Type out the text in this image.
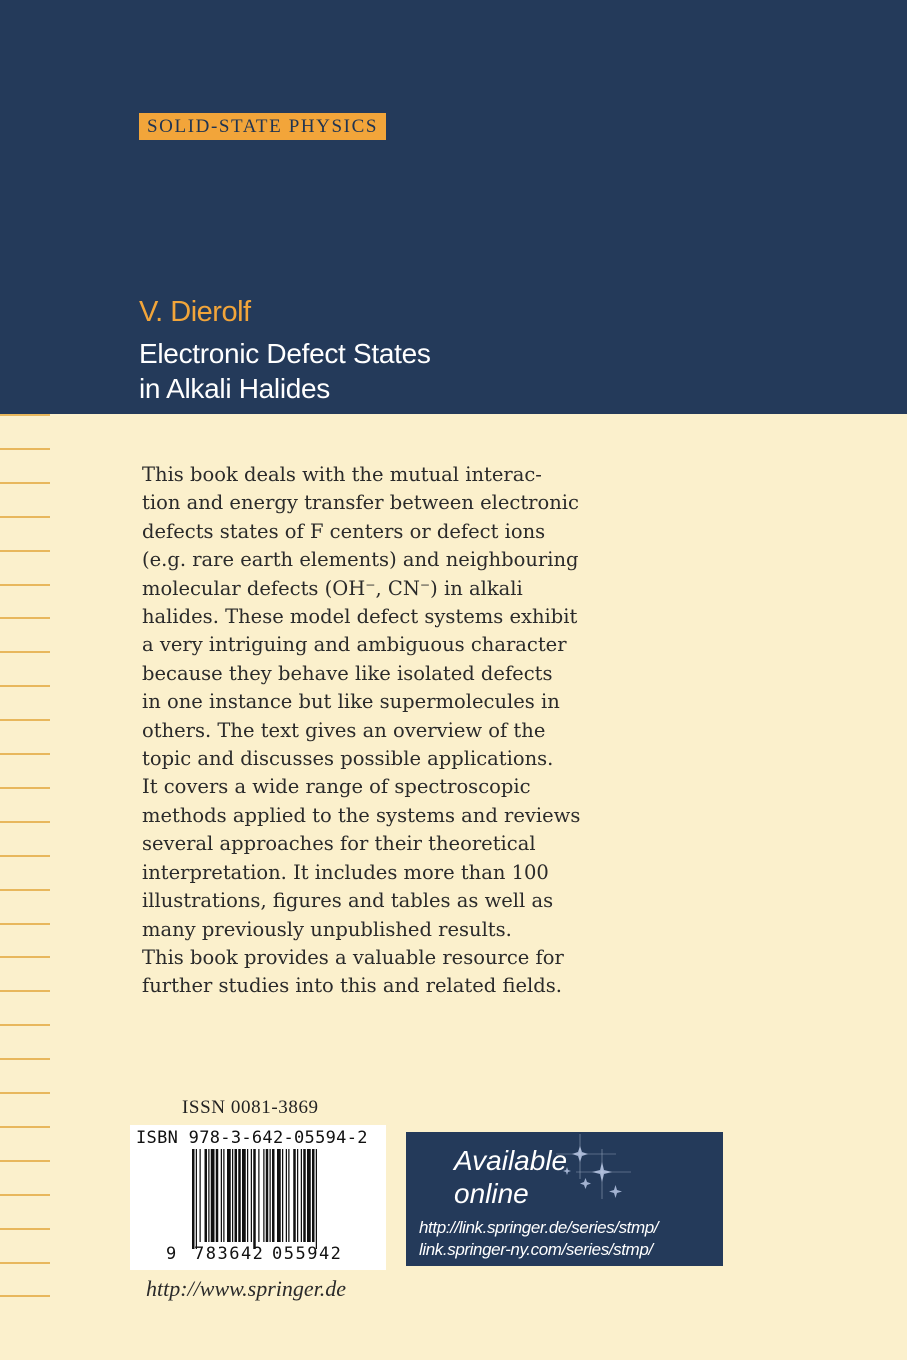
SOLID-STATE PHYSICS
V. Dierolf
Electronic Defect States
in Alkali Halides
This book deals with the mutual interac-
tion and energy transfer between electronic
defects states of F centers or defect ions
(e.g. rare earth elements) and neighbouring
molecular defects (OH⁻, CN⁻) in alkali
halides. These model defect systems exhibit
a very intriguing and ambiguous character
because they behave like isolated defects
in one instance but like supermolecules in
others. The text gives an overview of the
topic and discusses possible applications.
It covers a wide range of spectroscopic
methods applied to the systems and reviews
several approaches for their theoretical
interpretation. It includes more than 100
illustrations, figures and tables as well as
many previously unpublished results.
This book provides a valuable resource for
further studies into this and related fields.
ISSN 0081-3869
ISBN 978-3-642-05594-2
9 783642 055942
http://www.springer.de
Available
online
http://link.springer.de/series/stmp/
link.springer-ny.com/series/stmp/
